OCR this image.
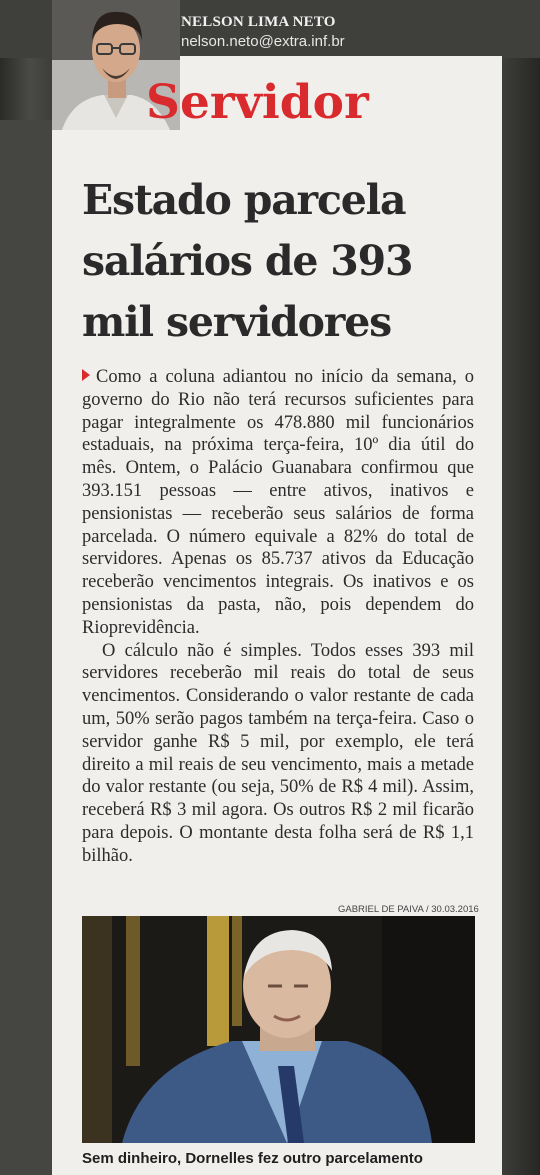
NELSON LIMA NETO
nelson.neto@extra.inf.br
Servidor
Estado parcela
salários de 393
mil servidores

Como a coluna adiantou no início da semana, o governo do Rio não terá recursos suficientes para pagar integralmente os 478.880 mil funcionários estaduais, na próxima terça-feira, 10º dia útil do mês. Ontem, o Palácio Guanabara confirmou que 393.151 pessoas — entre ativos, inativos e pensionistas — receberão seus salários de forma parcelada. O número equivale a 82% do total de servidores. Apenas os 85.737 ativos da Educação receberão vencimentos integrais. Os inativos e os pensionistas da pasta, não, pois dependem do Rioprevidência.

O cálculo não é simples. Todos esses 393 mil servidores receberão mil reais do total de seus vencimentos. Considerando o valor restante de cada um, 50% serão pagos também na terça-feira. Caso o servidor ganhe R$ 5 mil, por exemplo, ele terá direito a mil reais de seu vencimento, mais a metade do valor restante (ou seja, 50% de R$ 4 mil). Assim, receberá R$ 3 mil agora. Os outros R$ 2 mil ficarão para depois. O montante desta folha será de R$ 1,1 bilhão.

GABRIEL DE PAIVA / 30.03.2016
Sem dinheiro, Dornelles fez outro parcelamento
